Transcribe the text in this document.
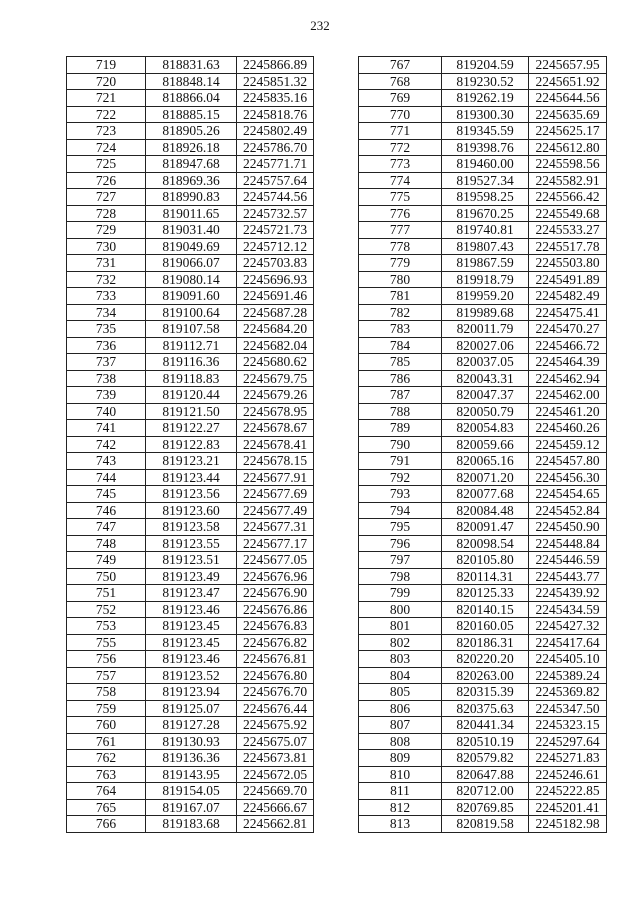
232
719	818831.63	2245866.89
720	818848.14	2245851.32
721	818866.04	2245835.16
722	818885.15	2245818.76
723	818905.26	2245802.49
724	818926.18	2245786.70
725	818947.68	2245771.71
726	818969.36	2245757.64
727	818990.83	2245744.56
728	819011.65	2245732.57
729	819031.40	2245721.73
730	819049.69	2245712.12
731	819066.07	2245703.83
732	819080.14	2245696.93
733	819091.60	2245691.46
734	819100.64	2245687.28
735	819107.58	2245684.20
736	819112.71	2245682.04
737	819116.36	2245680.62
738	819118.83	2245679.75
739	819120.44	2245679.26
740	819121.50	2245678.95
741	819122.27	2245678.67
742	819122.83	2245678.41
743	819123.21	2245678.15
744	819123.44	2245677.91
745	819123.56	2245677.69
746	819123.60	2245677.49
747	819123.58	2245677.31
748	819123.55	2245677.17
749	819123.51	2245677.05
750	819123.49	2245676.96
751	819123.47	2245676.90
752	819123.46	2245676.86
753	819123.45	2245676.83
755	819123.45	2245676.82
756	819123.46	2245676.81
757	819123.52	2245676.80
758	819123.94	2245676.70
759	819125.07	2245676.44
760	819127.28	2245675.92
761	819130.93	2245675.07
762	819136.36	2245673.81
763	819143.95	2245672.05
764	819154.05	2245669.70
765	819167.07	2245666.67
766	819183.68	2245662.81
767	819204.59	2245657.95
768	819230.52	2245651.92
769	819262.19	2245644.56
770	819300.30	2245635.69
771	819345.59	2245625.17
772	819398.76	2245612.80
773	819460.00	2245598.56
774	819527.34	2245582.91
775	819598.25	2245566.42
776	819670.25	2245549.68
777	819740.81	2245533.27
778	819807.43	2245517.78
779	819867.59	2245503.80
780	819918.79	2245491.89
781	819959.20	2245482.49
782	819989.68	2245475.41
783	820011.79	2245470.27
784	820027.06	2245466.72
785	820037.05	2245464.39
786	820043.31	2245462.94
787	820047.37	2245462.00
788	820050.79	2245461.20
789	820054.83	2245460.26
790	820059.66	2245459.12
791	820065.16	2245457.80
792	820071.20	2245456.30
793	820077.68	2245454.65
794	820084.48	2245452.84
795	820091.47	2245450.90
796	820098.54	2245448.84
797	820105.80	2245446.59
798	820114.31	2245443.77
799	820125.33	2245439.92
800	820140.15	2245434.59
801	820160.05	2245427.32
802	820186.31	2245417.64
803	820220.20	2245405.10
804	820263.00	2245389.24
805	820315.39	2245369.82
806	820375.63	2245347.50
807	820441.34	2245323.15
808	820510.19	2245297.64
809	820579.82	2245271.83
810	820647.88	2245246.61
811	820712.00	2245222.85
812	820769.85	2245201.41
813	820819.58	2245182.98
